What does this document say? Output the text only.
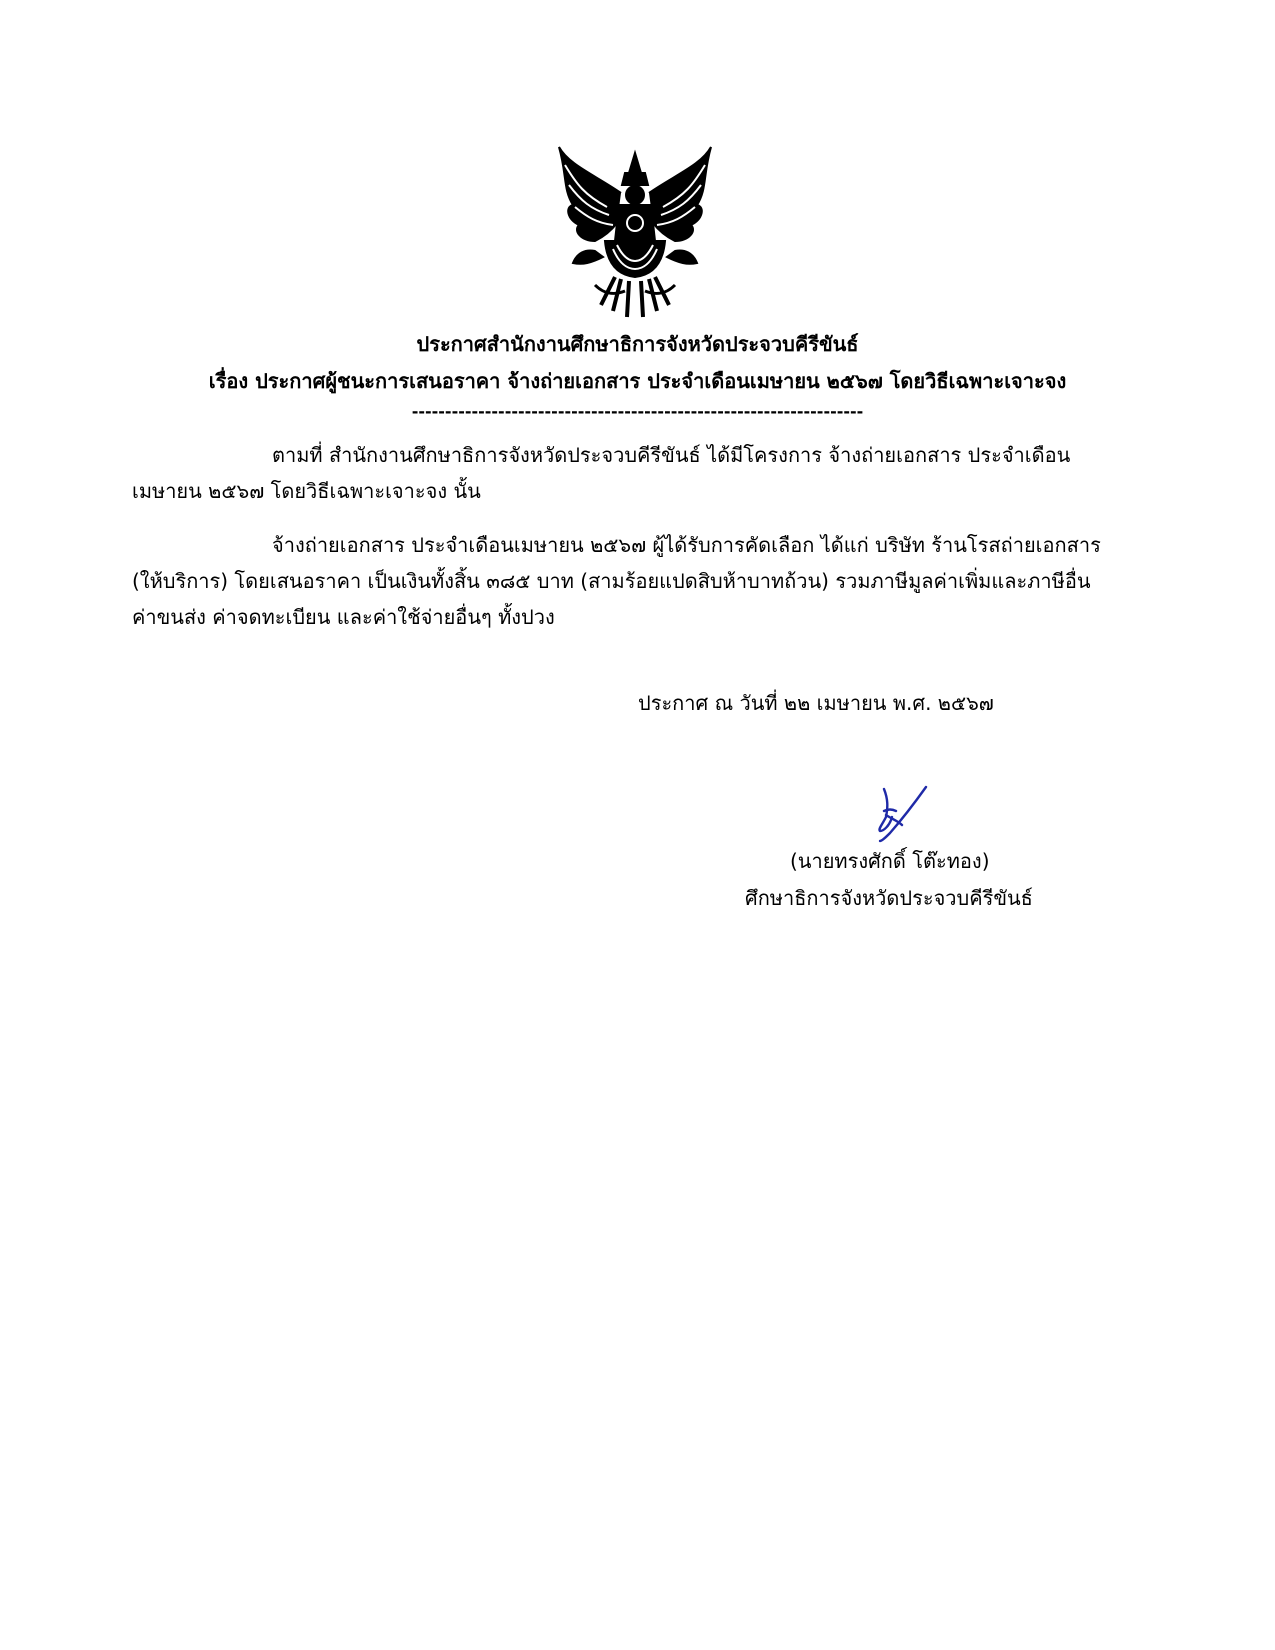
ประกาศสำนักงานศึกษาธิการจังหวัดประจวบคีรีขันธ์
เรื่อง ประกาศผู้ชนะการเสนอราคา จ้างถ่ายเอกสาร ประจำเดือนเมษายน ๒๕๖๗ โดยวิธีเฉพาะเจาะจง
--------------------------------------------------------------------
ตามที่ สำนักงานศึกษาธิการจังหวัดประจวบคีรีขันธ์ ได้มีโครงการ จ้างถ่ายเอกสาร ประจำเดือน
เมษายน ๒๕๖๗ โดยวิธีเฉพาะเจาะจง นั้น
จ้างถ่ายเอกสาร ประจำเดือนเมษายน ๒๕๖๗ ผู้ได้รับการคัดเลือก ได้แก่ บริษัท ร้านโรสถ่ายเอกสาร
(ให้บริการ) โดยเสนอราคา เป็นเงินทั้งสิ้น ๓๘๕ บาท (สามร้อยแปดสิบห้าบาทถ้วน) รวมภาษีมูลค่าเพิ่มและภาษีอื่น
ค่าขนส่ง ค่าจดทะเบียน และค่าใช้จ่ายอื่นๆ ทั้งปวง
ประกาศ ณ วันที่ ๒๒ เมษายน พ.ศ. ๒๕๖๗
(นายทรงศักดิ์ โต๊ะทอง)
ศึกษาธิการจังหวัดประจวบคีรีขันธ์
